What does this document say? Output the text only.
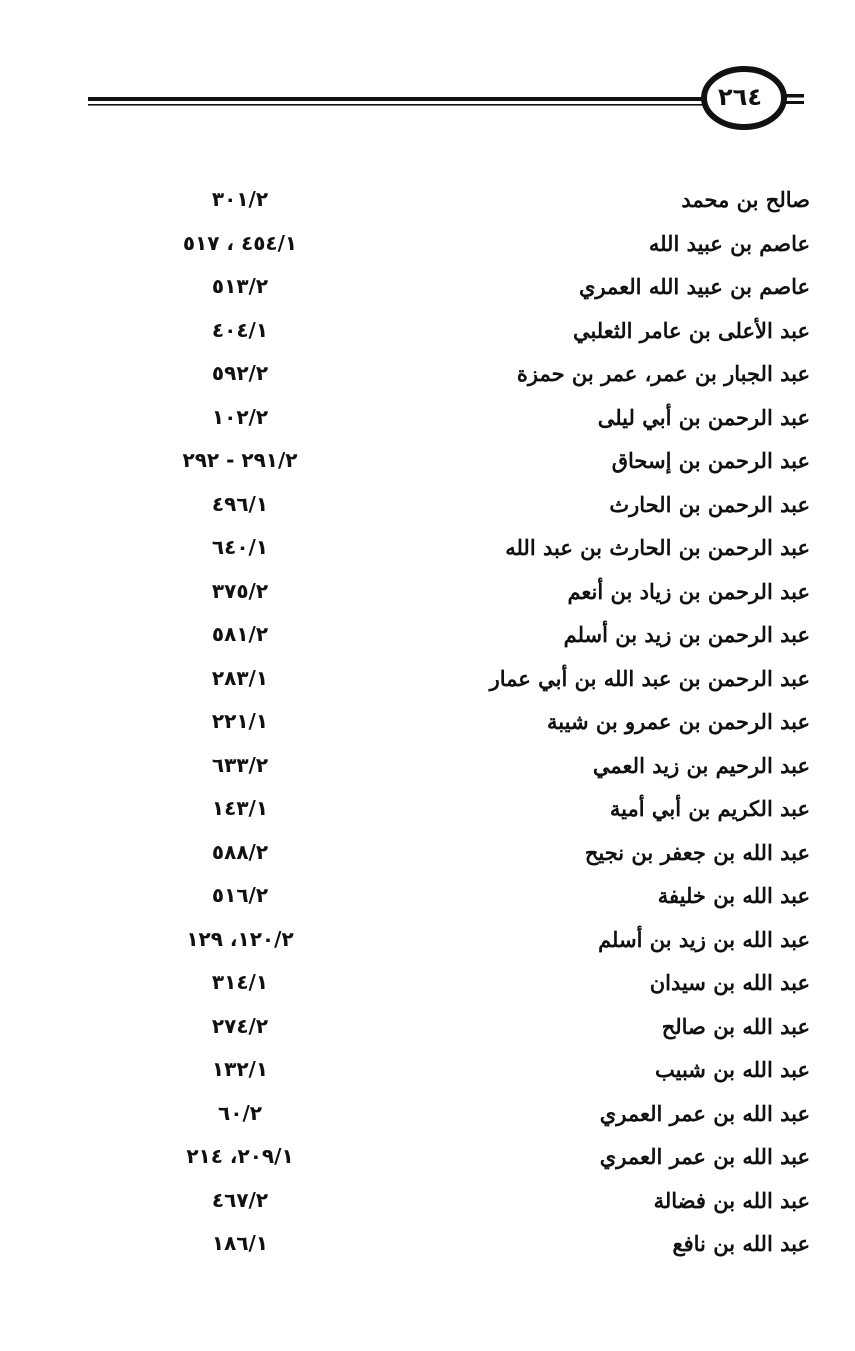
٢٦٤
صالح بن محمد
٣٠١/٢
عاصم بن عبيد الله
٤٥٤/١ ، ٥١٧
عاصم بن عبيد الله العمري
٥١٣/٢
عبد الأعلى بن عامر الثعلبي
٤٠٤/١
عبد الجبار بن عمر، عمر بن حمزة
٥٩٢/٢
عبد الرحمن بن أبي ليلى
١٠٢/٢
عبد الرحمن بن إسحاق
٢٩١/٢ - ٢٩٢
عبد الرحمن بن الحارث
٤٩٦/١
عبد الرحمن بن الحارث بن عبد الله
٦٤٠/١
عبد الرحمن بن زياد بن أنعم
٣٧٥/٢
عبد الرحمن بن زيد بن أسلم
٥٨١/٢
عبد الرحمن بن عبد الله بن أبي عمار
٢٨٣/١
عبد الرحمن بن عمرو بن شيبة
٢٢١/١
عبد الرحيم بن زيد العمي
٦٣٣/٢
عبد الكريم بن أبي أمية
١٤٣/١
عبد الله بن جعفر بن نجيح
٥٨٨/٢
عبد الله بن خليفة
٥١٦/٢
عبد الله بن زيد بن أسلم
١٢٠/٢، ١٢٩
عبد الله بن سيدان
٣١٤/١
عبد الله بن صالح
٢٧٤/٢
عبد الله بن شبيب
١٣٢/١
عبد الله بن عمر العمري
٦٠/٢
عبد الله بن عمر العمري
٢٠٩/١، ٢١٤
عبد الله بن فضالة
٤٦٧/٢
عبد الله بن نافع
١٨٦/١
